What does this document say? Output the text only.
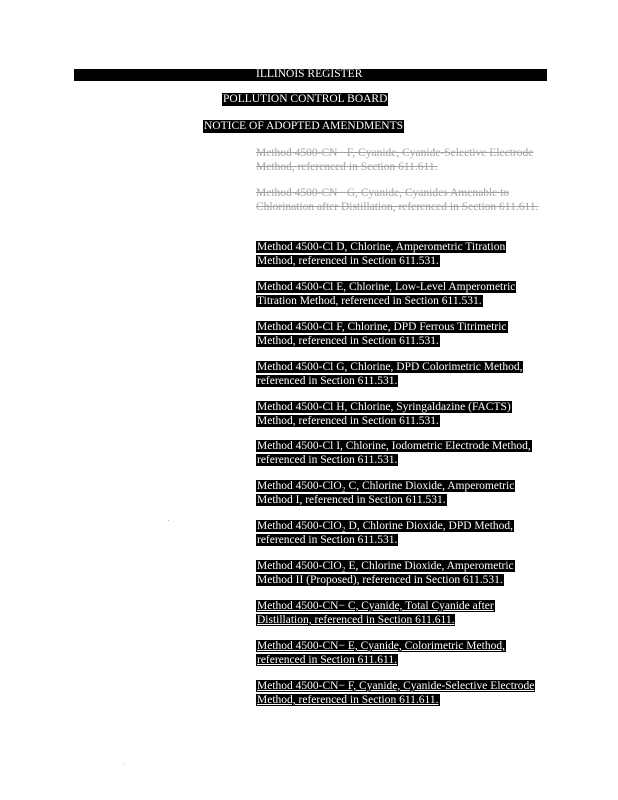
ILLINOIS REGISTER
POLLUTION CONTROL BOARD
NOTICE OF ADOPTED AMENDMENTS
Method 4500-CN− F, Cyanide, Cyanide-Selective Electrode Method, referenced in Section 611.611.
Method 4500-CN− G, Cyanide, Cyanides Amenable to Chlorination after Distillation, referenced in Section 611.611.
Method 4500-Cl D, Chlorine, Amperometric Titration Method, referenced in Section 611.531.
Method 4500-Cl E, Chlorine, Low-Level Amperometric Titration Method, referenced in Section 611.531.
Method 4500-Cl F, Chlorine, DPD Ferrous Titrimetric Method, referenced in Section 611.531.
Method 4500-Cl G, Chlorine, DPD Colorimetric Method, referenced in Section 611.531.
Method 4500-Cl H, Chlorine, Syringaldazine (FACTS) Method, referenced in Section 611.531.
Method 4500-Cl I, Chlorine, Iodometric Electrode Method, referenced in Section 611.531.
Method 4500-ClO₂ C, Chlorine Dioxide, Amperometric Method I, referenced in Section 611.531.
Method 4500-ClO₂ D, Chlorine Dioxide, DPD Method, referenced in Section 611.531.
Method 4500-ClO₂ E, Chlorine Dioxide, Amperometric Method II (Proposed), referenced in Section 611.531.
Method 4500-CN− C, Cyanide, Total Cyanide after Distillation, referenced in Section 611.611.
Method 4500-CN− E, Cyanide, Colorimetric Method, referenced in Section 611.611.
Method 4500-CN− F, Cyanide, Cyanide-Selective Electrode Method, referenced in Section 611.611.
